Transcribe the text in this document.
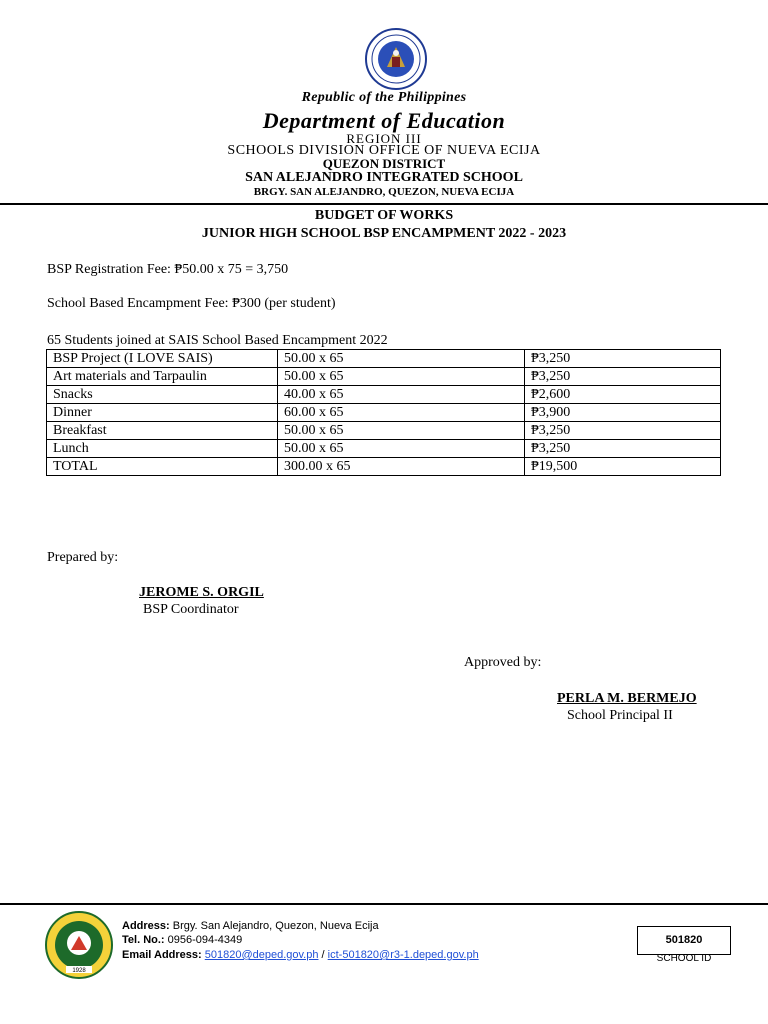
Republic of the Philippines
Department of Education
REGION III
SCHOOLS DIVISION OFFICE OF NUEVA ECIJA
QUEZON DISTRICT
SAN ALEJANDRO INTEGRATED SCHOOL
BRGY. SAN ALEJANDRO, QUEZON, NUEVA ECIJA
BUDGET OF WORKS
JUNIOR HIGH SCHOOL BSP ENCAMPMENT 2022 - 2023
BSP Registration Fee: ₱50.00 x 75 = 3,750
School Based Encampment Fee: ₱300 (per student)
65 Students joined at SAIS School Based Encampment 2022
BSP Project (I LOVE SAIS)	50.00 x 65	₱3,250
Art materials and Tarpaulin	50.00 x 65	₱3,250
Snacks	40.00 x 65	₱2,600
Dinner	60.00 x 65	₱3,900
Breakfast	50.00 x 65	₱3,250
Lunch	50.00 x 65	₱3,250
TOTAL	300.00 x 65	₱19,500
Prepared by:
JEROME S. ORGIL
BSP Coordinator
Approved by:
PERLA M. BERMEJO
School Principal II
1928
Address: Brgy. San Alejandro, Quezon, Nueva Ecija
Tel. No.: 0956-094-4349
Email Address: 501820@deped.gov.ph / ict-501820@r3-1.deped.gov.ph
501820
SCHOOL ID
